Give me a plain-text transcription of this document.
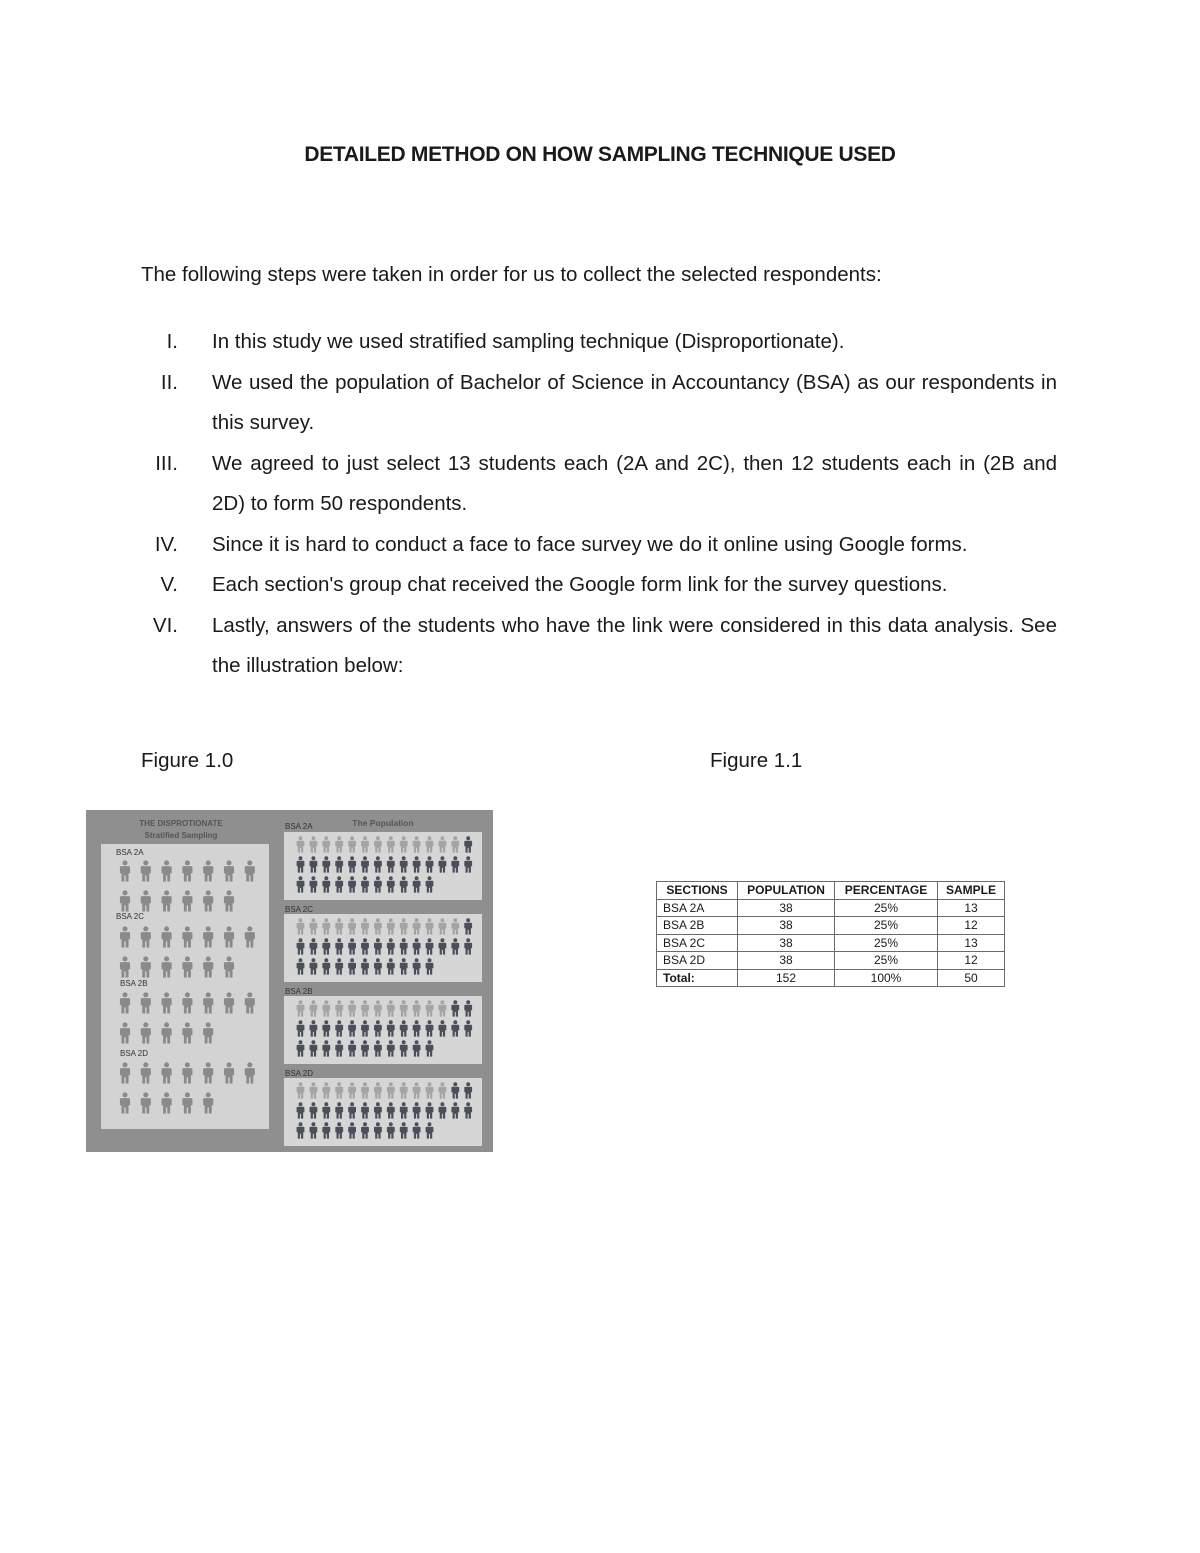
DETAILED METHOD ON HOW SAMPLING TECHNIQUE USED
The following steps were taken in order for us to collect the selected respondents:
I. In this study we used stratified sampling technique (Disproportionate).
II. We used the population of Bachelor of Science in Accountancy (BSA) as our respondents in this survey.
III. We agreed to just select 13 students each (2A and 2C), then 12 students each in (2B and 2D) to form 50 respondents.
IV. Since it is hard to conduct a face to face survey we do it online using Google forms.
V. Each section's group chat received the Google form link for the survey questions.
VI. Lastly, answers of the students who have the link were considered in this data analysis. See the illustration below:
Figure 1.0	Figure 1.1
THE DISPROTIONATE
Stratified Sampling
The Population
BSA 2A
BSA 2C
BSA 2B
BSA 2D
BSA 2A
BSA 2C
BSA 2B
BSA 2D
SECTIONS	POPULATION	PERCENTAGE	SAMPLE
BSA 2A	38	25%	13
BSA 2B	38	25%	12
BSA 2C	38	25%	13
BSA 2D	38	25%	12
Total:	152	100%	50
